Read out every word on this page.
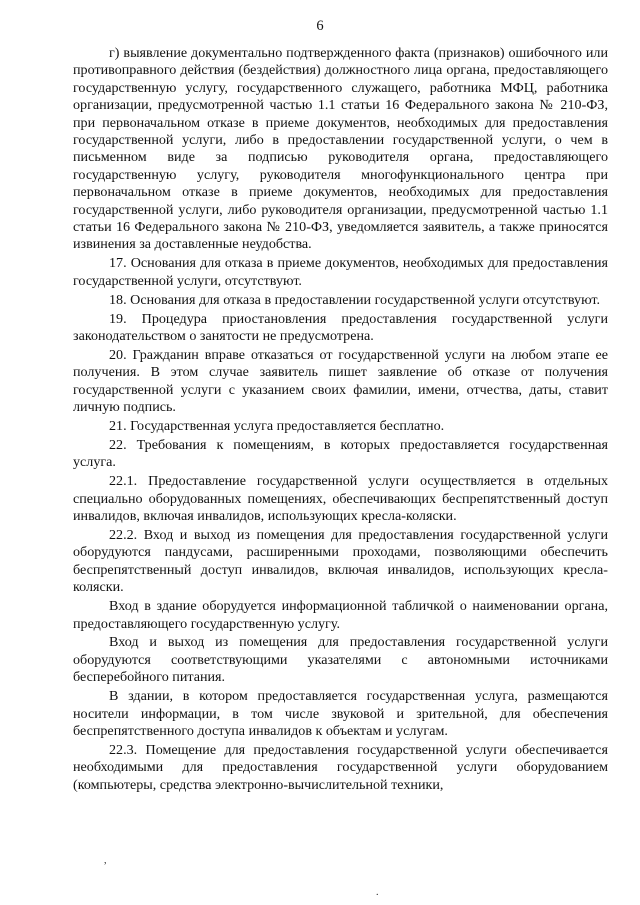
6

г) выявление документально подтвержденного факта (признаков) ошибочного или противоправного действия (бездействия) должностного лица органа, предоставляющего государственную услугу, государственного служащего, работника МФЦ, работника организации, предусмотренной частью 1.1 статьи 16 Федерального закона № 210-ФЗ, при первоначальном отказе в приеме документов, необходимых для предоставления государственной услуги, либо в предоставлении государственной услуги, о чем в письменном виде за подписью руководителя органа, предоставляющего государственную услугу, руководителя многофункционального центра при первоначальном отказе в приеме документов, необходимых для предоставления государственной услуги, либо руководителя организации, предусмотренной частью 1.1 статьи 16 Федерального закона № 210-ФЗ, уведомляется заявитель, а также приносятся извинения за доставленные неудобства.

17. Основания для отказа в приеме документов, необходимых для предоставления государственной услуги, отсутствуют.

18. Основания для отказа в предоставлении государственной услуги отсутствуют.

19. Процедура приостановления предоставления государственной услуги законодательством о занятости не предусмотрена.

20. Гражданин вправе отказаться от государственной услуги на любом этапе ее получения. В этом случае заявитель пишет заявление об отказе от получения государственной услуги с указанием своих фамилии, имени, отчества, даты, ставит личную подпись.

21. Государственная услуга предоставляется бесплатно.

22. Требования к помещениям, в которых предоставляется государственная услуга.

22.1. Предоставление государственной услуги осуществляется в отдельных специально оборудованных помещениях, обеспечивающих беспрепятственный доступ инвалидов, включая инвалидов, использующих кресла-коляски.

22.2. Вход и выход из помещения для предоставления государственной услуги оборудуются пандусами, расширенными проходами, позволяющими обеспечить беспрепятственный доступ инвалидов, включая инвалидов, использующих кресла-коляски.

Вход в здание оборудуется информационной табличкой о наименовании органа, предоставляющего государственную услугу.

Вход и выход из помещения для предоставления государственной услуги оборудуются соответствующими указателями с автономными источниками бесперебойного питания.

В здании, в котором предоставляется государственная услуга, размещаются носители информации, в том числе звуковой и зрительной, для обеспечения беспрепятственного доступа инвалидов к объектам и услугам.

22.3. Помещение для предоставления государственной услуги обеспечивается необходимыми для предоставления государственной услуги оборудованием (компьютеры, средства электронно-вычислительной техники,

,
.
